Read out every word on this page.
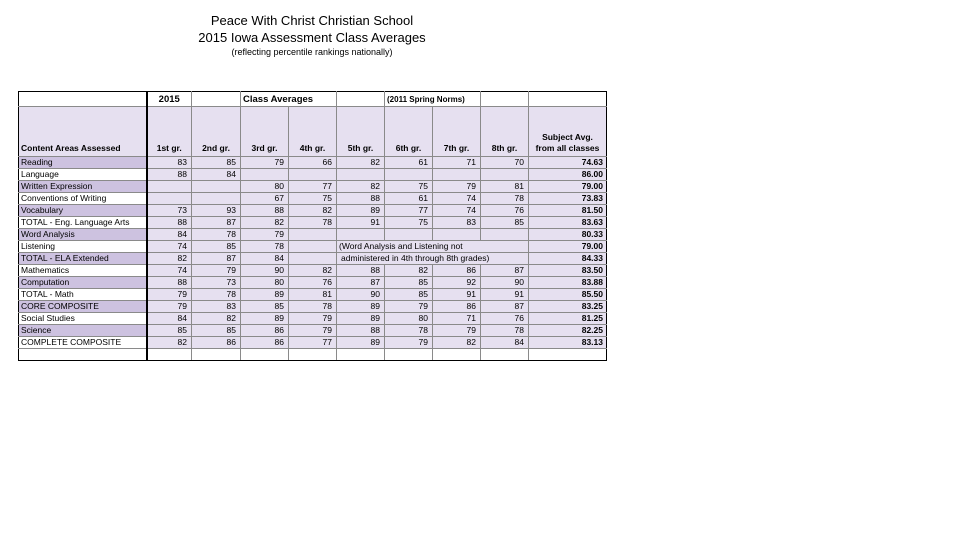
Peace With Christ Christian School
2015 Iowa Assessment Class Averages
(reflecting percentile rankings nationally)
	2015		Class Averages			(2011 Spring Norms)			
Content Areas Assessed	1st gr.	2nd gr.	3rd gr.	4th gr.	5th gr.	6th gr.	7th gr.	8th gr.	Subject Avg.
from all classes

Reading	83	85	79	66	82	61	71	70	74.63
Language	88	84							86.00
Written Expression			80	77	82	75	79	81	79.00
Conventions of Writing			67	75	88	61	74	78	73.83
Vocabulary	73	93	88	82	89	77	74	76	81.50
TOTAL - Eng. Language Arts	88	87	82	78	91	75	83	85	83.63
Word Analysis	84	78	79						80.33
Listening	74	85	78		(Word Analysis and Listening not				79.00
TOTAL - ELA Extended	82	87	84		administered in 4th through 8th grades)				84.33
Mathematics	74	79	90	82	88	82	86	87	83.50
Computation	88	73	80	76	87	85	92	90	83.88
TOTAL - Math	79	78	89	81	90	85	91	91	85.50
CORE COMPOSITE	79	83	85	78	89	79	86	87	83.25
Social Studies	84	82	89	79	89	80	71	76	81.25
Science	85	85	86	79	88	78	79	78	82.25
COMPLETE COMPOSITE	82	86	86	77	89	79	82	84	83.13
